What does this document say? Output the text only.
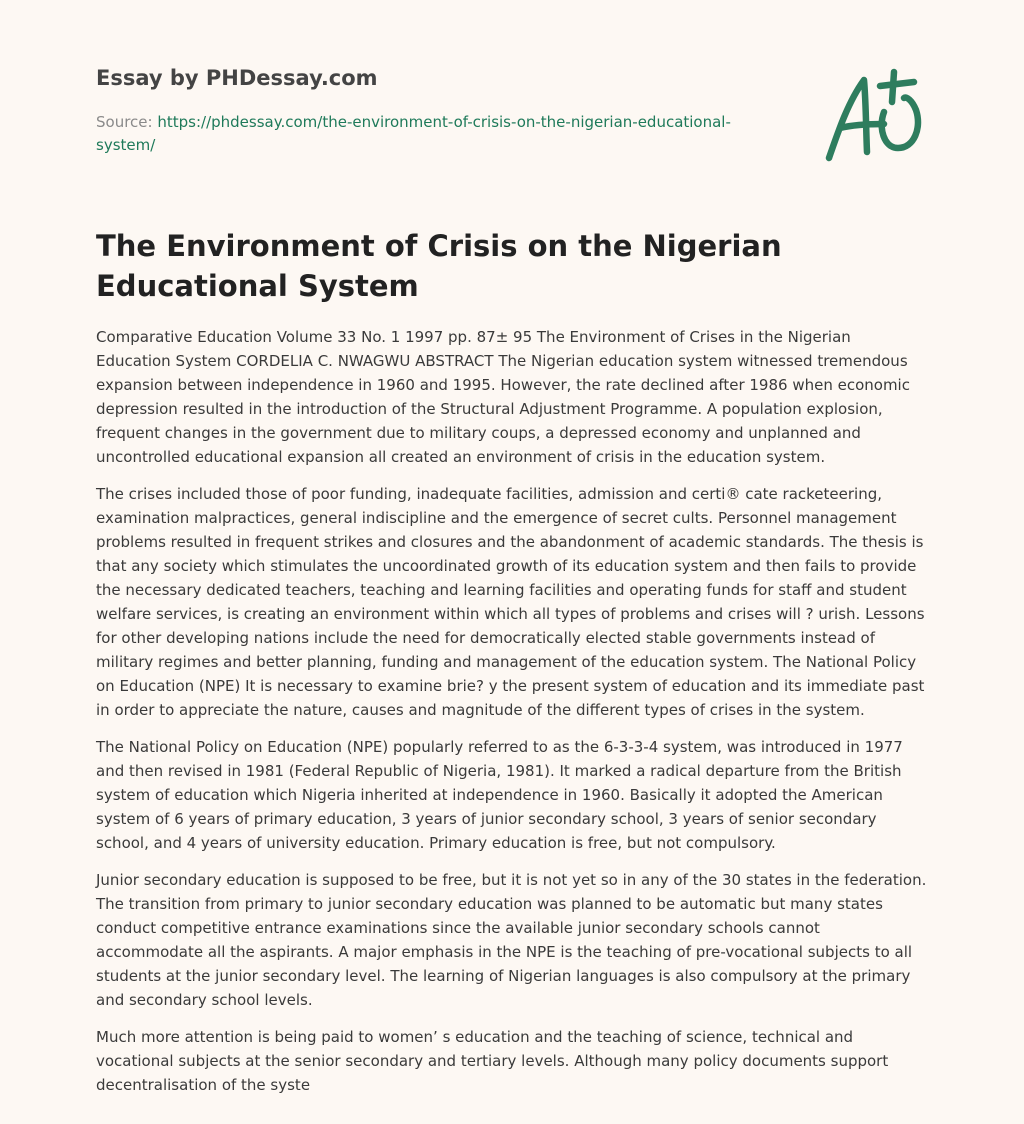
Essay by PHDessay.com
Source: https://phdessay.com/the-environment-of-crisis-on-the-nigerian-educational-
system/
The Environment of Crisis on the Nigerian Educational System

Comparative Education Volume 33 No. 1 1997 pp. 87± 95 The Environment of Crises in the Nigerian Education System CORDELIA C. NWAGWU ABSTRACT The Nigerian education system witnessed tremendous expansion between independence in 1960 and 1995. However, the rate declined after 1986 when economic depression resulted in the introduction of the Structural Adjustment Programme. A population explosion, frequent changes in the government due to military coups, a depressed economy and unplanned and uncontrolled educational expansion all created an environment of crisis in the education system.

The crises included those of poor funding, inadequate facilities, admission and certi® cate racketeering, examination malpractices, general indiscipline and the emergence of secret cults. Personnel management problems resulted in frequent strikes and closures and the abandonment of academic standards. The thesis is that any society which stimulates the uncoordinated growth of its education system and then fails to provide the necessary dedicated teachers, teaching and learning facilities and operating funds for staff and student welfare services, is creating an environment within which all types of problems and crises will ? urish. Lessons for other developing nations include the need for democratically elected stable governments instead of military regimes and better planning, funding and management of the education system. The National Policy on Education (NPE) It is necessary to examine brie? y the present system of education and its immediate past in order to appreciate the nature, causes and magnitude of the different types of crises in the system.

The National Policy on Education (NPE) popularly referred to as the 6-3-3-4 system, was introduced in 1977 and then revised in 1981 (Federal Republic of Nigeria, 1981). It marked a radical departure from the British system of education which Nigeria inherited at independence in 1960. Basically it adopted the American system of 6 years of primary education, 3 years of junior secondary school, 3 years of senior secondary school, and 4 years of university education. Primary education is free, but not compulsory.

Junior secondary education is supposed to be free, but it is not yet so in any of the 30 states in the federation. The transition from primary to junior secondary education was planned to be automatic but many states conduct competitive entrance examinations since the available junior secondary schools cannot accommodate all the aspirants. A major emphasis in the NPE is the teaching of pre-vocational subjects to all students at the junior secondary level. The learning of Nigerian languages is also compulsory at the primary and secondary school levels.

Much more attention is being paid to women’ s education and the teaching of science, technical and vocational subjects at the senior secondary and tertiary levels. Although many policy documents support decentralisation of the syste
